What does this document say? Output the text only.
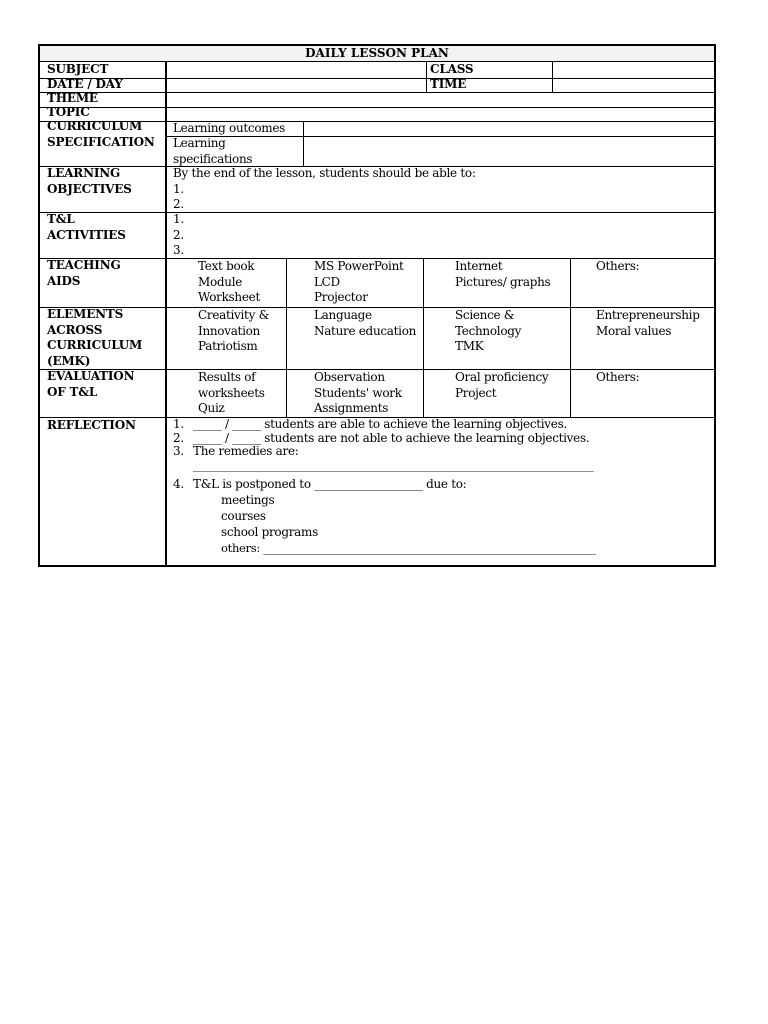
DAILY LESSON PLAN
SUBJECT	CLASS
DATE / DAY	TIME
THEME
TOPIC
CURRICULUM
SPECIFICATION
LEARNING
OBJECTIVES
T&L
ACTIVITIES
TEACHING
AIDS
ELEMENTS
ACROSS
CURRICULUM
(EMK)
EVALUATION
OF T&L
REFLECTION
Learning outcomes
Learning
specifications
By the end of the lesson, students should be able to:
1.
2.
1.
2.
3.
Text book
Module
Worksheet
MS PowerPoint
LCD
Projector
Internet
Pictures/ graphs
Others:
Creativity &
Innovation
Patriotism
Language
Nature education
Science &
Technology
TMK
Entrepreneurship
Moral values
Results of
worksheets
Quiz
Observation
Students' work
Assignments
Oral proficiency
Project
Others:
1. _____ / _____ students are able to achieve the learning objectives.
2. _____ / _____ students are not able to achieve the learning objectives.
3. The remedies are:
_____________________________________________________________________________
4. T&L is postponed to ___________________ due to:
meetings
courses
school programs
others: _____________________________________________________________
